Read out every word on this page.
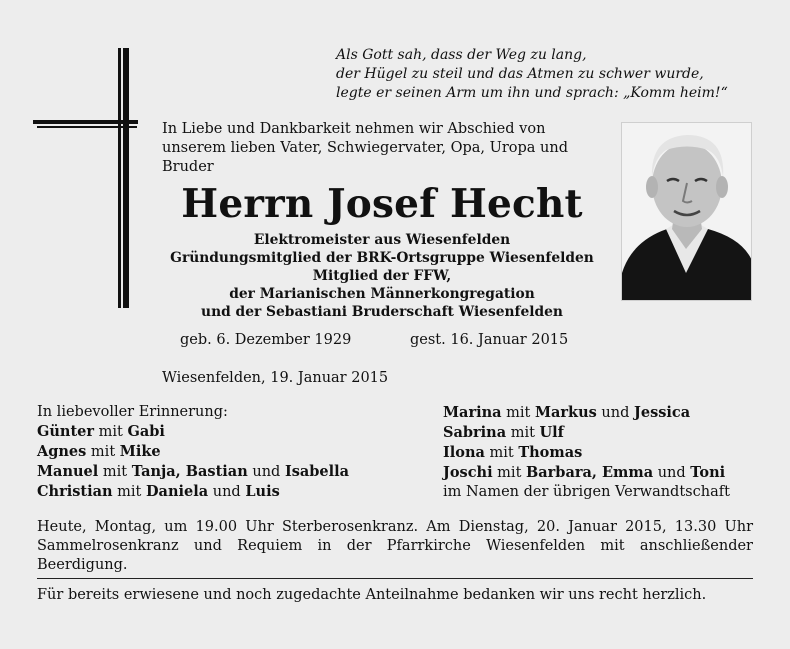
Als Gott sah, dass der Weg zu lang,
der Hügel zu steil und das Atmen zu schwer wurde,
legte er seinen Arm um ihn und sprach: „Komm heim!“
In Liebe und Dankbarkeit nehmen wir Abschied von unserem lieben Vater, Schwiegervater, Opa, Uropa und Bruder
Herrn Josef Hecht
Elektromeister aus Wiesenfelden
Gründungsmitglied der BRK-Ortsgruppe Wiesenfelden
Mitglied der FFW,
der Marianischen Männerkongregation
und der Sebastiani Bruderschaft Wiesenfelden
geb. 6. Dezember 1929	gest. 16. Januar 2015
Wiesenfelden, 19. Januar 2015
In liebevoller Erinnerung:
Günter mit Gabi
Agnes mit Mike
Manuel mit Tanja, Bastian und Isabella
Christian mit Daniela und Luis
Marina mit Markus und Jessica
Sabrina mit Ulf
Ilona mit Thomas
Joschi mit Barbara, Emma und Toni
im Namen der übrigen Verwandtschaft
Heute, Montag, um 19.00 Uhr Sterberosenkranz. Am Dienstag, 20. Januar 2015, 13.30 Uhr Sammelrosenkranz und Requiem in der Pfarrkirche Wiesenfelden mit anschließender Beerdigung.
Für bereits erwiesene und noch zugedachte Anteilnahme bedanken wir uns recht herzlich.
